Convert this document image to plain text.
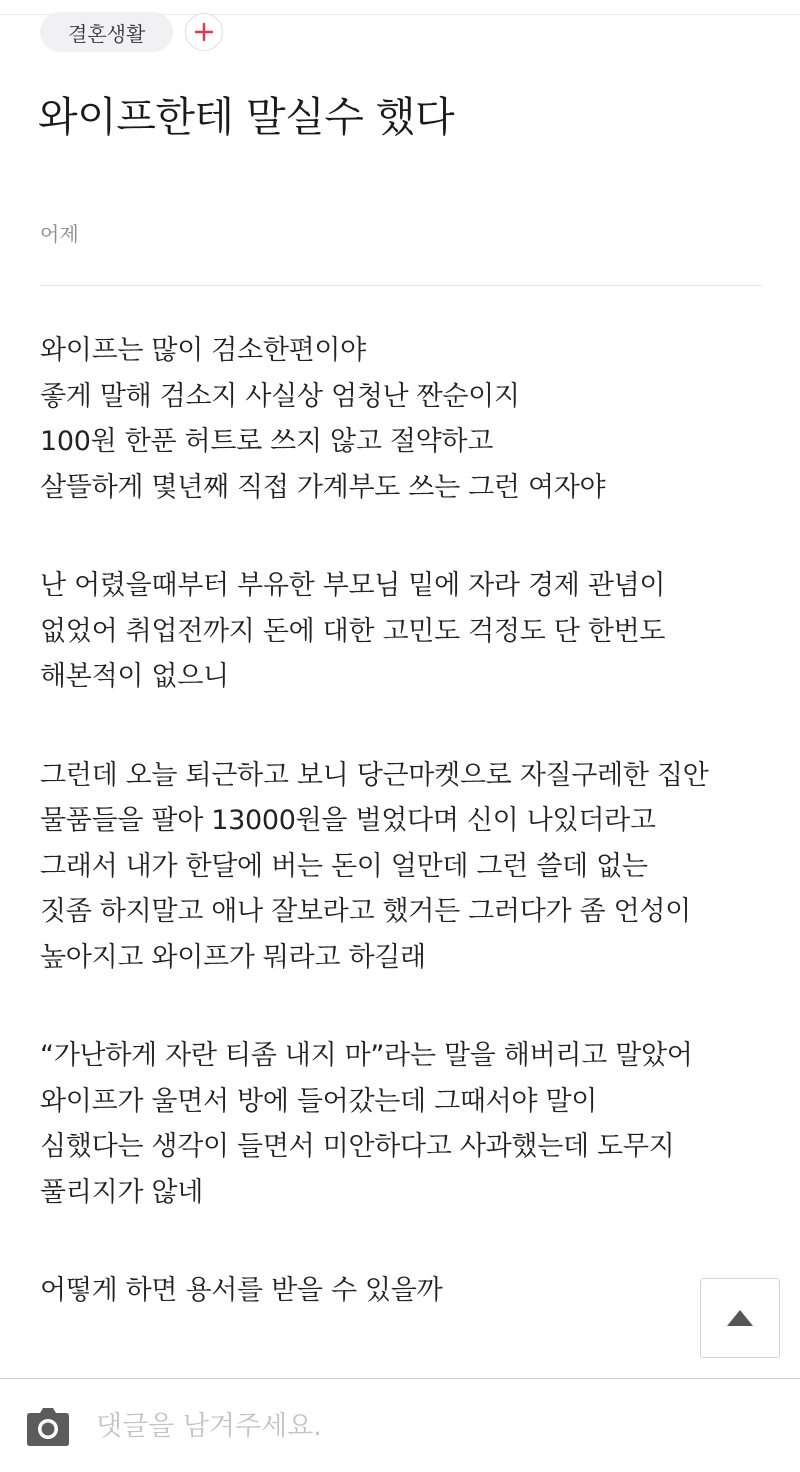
결혼생활
와이프한테 말실수 했다
어제

와이프는 많이 검소한편이야
좋게 말해 검소지 사실상 엄청난 짠순이지
100원 한푼 허트로 쓰지 않고 절약하고
살뜰하게 몇년째 직접 가계부도 쓰는 그런 여자야

난 어렸을때부터 부유한 부모님 밑에 자라 경제 관념이
없었어 취업전까지 돈에 대한 고민도 걱정도 단 한번도
해본적이 없으니

그런데 오늘 퇴근하고 보니 당근마켓으로 자질구레한 집안
물품들을 팔아 13000원을 벌었다며 신이 나있더라고
그래서 내가 한달에 버는 돈이 얼만데 그런 쓸데 없는
짓좀 하지말고 애나 잘보라고 했거든 그러다가 좀 언성이
높아지고 와이프가 뭐라고 하길래

“가난하게 자란 티좀 내지 마”라는 말을 해버리고 말았어
와이프가 울면서 방에 들어갔는데 그때서야 말이
심했다는 생각이 들면서 미안하다고 사과했는데 도무지
풀리지가 않네

어떻게 하면 용서를 받을 수 있을까

댓글을 남겨주세요.
